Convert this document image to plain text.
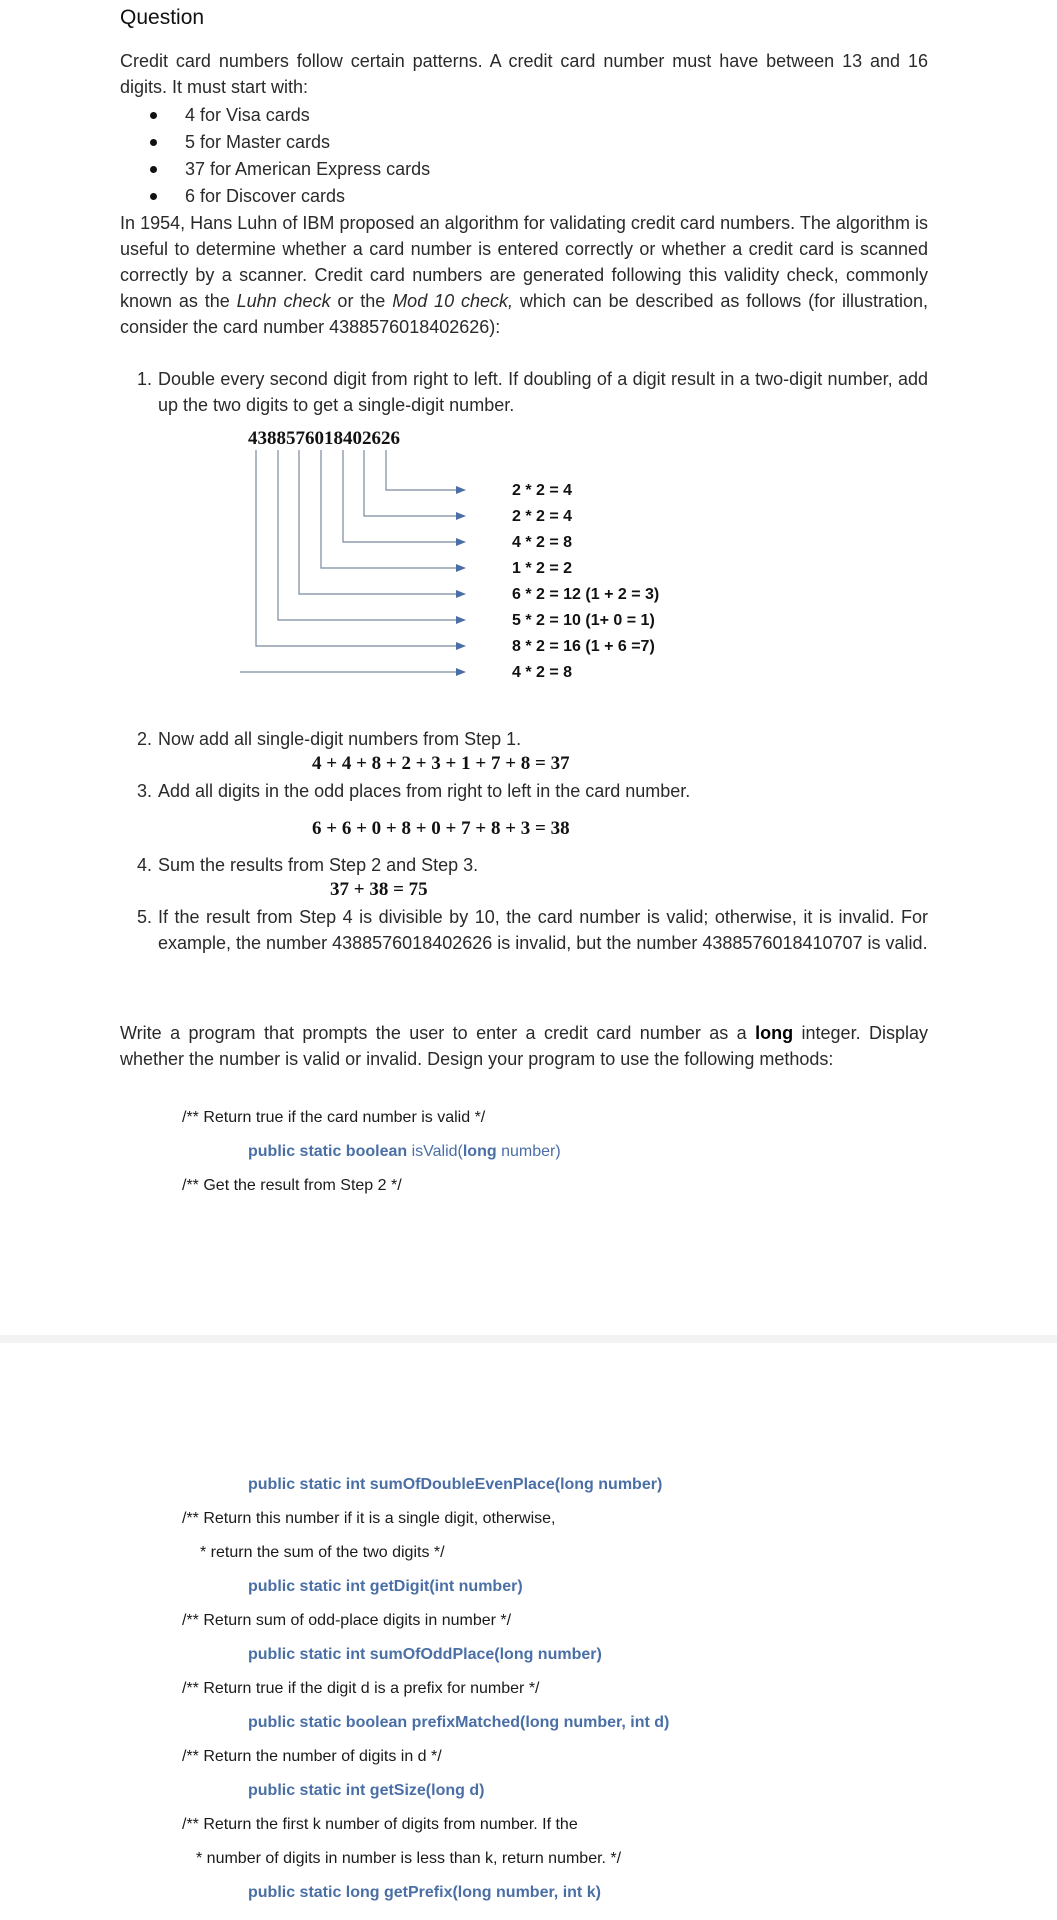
Question
Credit card numbers follow certain patterns. A credit card number must have between 13 and 16 digits. It must start with:
4 for Visa cards
5 for Master cards
37 for American Express cards
6 for Discover cards
In 1954, Hans Luhn of IBM proposed an algorithm for validating credit card numbers. The algorithm is useful to determine whether a card number is entered correctly or whether a credit card is scanned correctly by a scanner. Credit card numbers are generated following this validity check, commonly known as the Luhn check or the Mod 10 check, which can be described as follows (for illustration, consider the card number 4388576018402626):
1. Double every second digit from right to left. If doubling of a digit result in a two-digit number, add up the two digits to get a single-digit number.
4388576018402626
2 * 2 = 4
2 * 2 = 4
4 * 2 = 8
1 * 2 = 2
6 * 2 = 12 (1 + 2 = 3)
5 * 2 = 10 (1+ 0 = 1)
8 * 2 = 16 (1 + 6 =7)
4 * 2 = 8
2. Now add all single-digit numbers from Step 1.
4 + 4 + 8 + 2 + 3 + 1 + 7 + 8 = 37
3. Add all digits in the odd places from right to left in the card number.
6 + 6 + 0 + 8 + 0 + 7 + 8 + 3 = 38
4. Sum the results from Step 2 and Step 3.
37 + 38 = 75
5. If the result from Step 4 is divisible by 10, the card number is valid; otherwise, it is invalid. For example, the number 4388576018402626 is invalid, but the number 4388576018410707 is valid.
Write a program that prompts the user to enter a credit card number as a long integer. Display whether the number is valid or invalid. Design your program to use the following methods:
/** Return true if the card number is valid */
public static boolean isValid(long number)
/** Get the result from Step 2 */
public static int sumOfDoubleEvenPlace(long number)
/** Return this number if it is a single digit, otherwise,
* return the sum of the two digits */
public static int getDigit(int number)
/** Return sum of odd-place digits in number */
public static int sumOfOddPlace(long number)
/** Return true if the digit d is a prefix for number */
public static boolean prefixMatched(long number, int d)
/** Return the number of digits in d */
public static int getSize(long d)
/** Return the first k number of digits from number. If the
* number of digits in number is less than k, return number. */
public static long getPrefix(long number, int k)
